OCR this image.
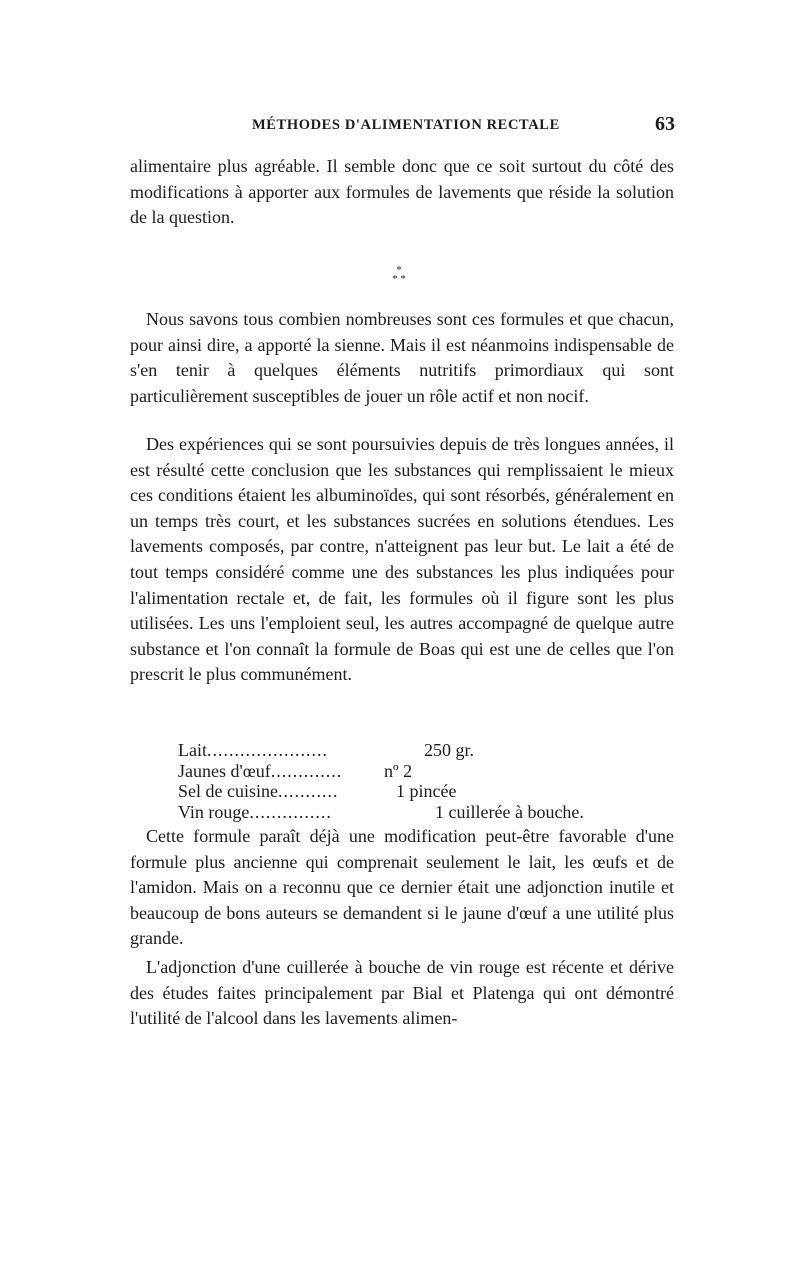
MÉTHODES D'ALIMENTATION RECTALE	63

alimentaire plus agréable. Il semble donc que ce soit surtout du côté des modifications à apporter aux formules de lavements que réside la solution de la question.

*
* *

Nous savons tous combien nombreuses sont ces formules et que chacun, pour ainsi dire, a apporté la sienne. Mais il est néanmoins indispensable de s'en tenir à quelques éléments nutritifs primordiaux qui sont particulièrement susceptibles de jouer un rôle actif et non nocif.

Des expériences qui se sont poursuivies depuis de très longues années, il est résulté cette conclusion que les substances qui remplissaient le mieux ces conditions étaient les albuminoïdes, qui sont résorbés, généralement en un temps très court, et les substances sucrées en solutions étendues. Les lavements composés, par contre, n'atteignent pas leur but. Le lait a été de tout temps considéré comme une des substances les plus indiquées pour l'alimentation rectale et, de fait, les formules où il figure sont les plus utilisées. Les uns l'emploient seul, les autres accompagné de quelque autre substance et l'on connaît la formule de Boas qui est une de celles que l'on prescrit le plus communément.

Lait......................	250 gr.
Jaunes d'œuf............. nº 2
Sel de cuisine...........	1 pincée
Vin rouge...............	1 cuillerée à bouche.

Cette formule paraît déjà une modification peut-être favorable d'une formule plus ancienne qui comprenait seulement le lait, les œufs et de l'amidon. Mais on a reconnu que ce dernier était une adjonction inutile et beaucoup de bons auteurs se demandent si le jaune d'œuf a une utilité plus grande.

L'adjonction d'une cuillerée à bouche de vin rouge est récente et dérive des études faites principalement par Bial et Platenga qui ont démontré l'utilité de l'alcool dans les lavements alimen-
